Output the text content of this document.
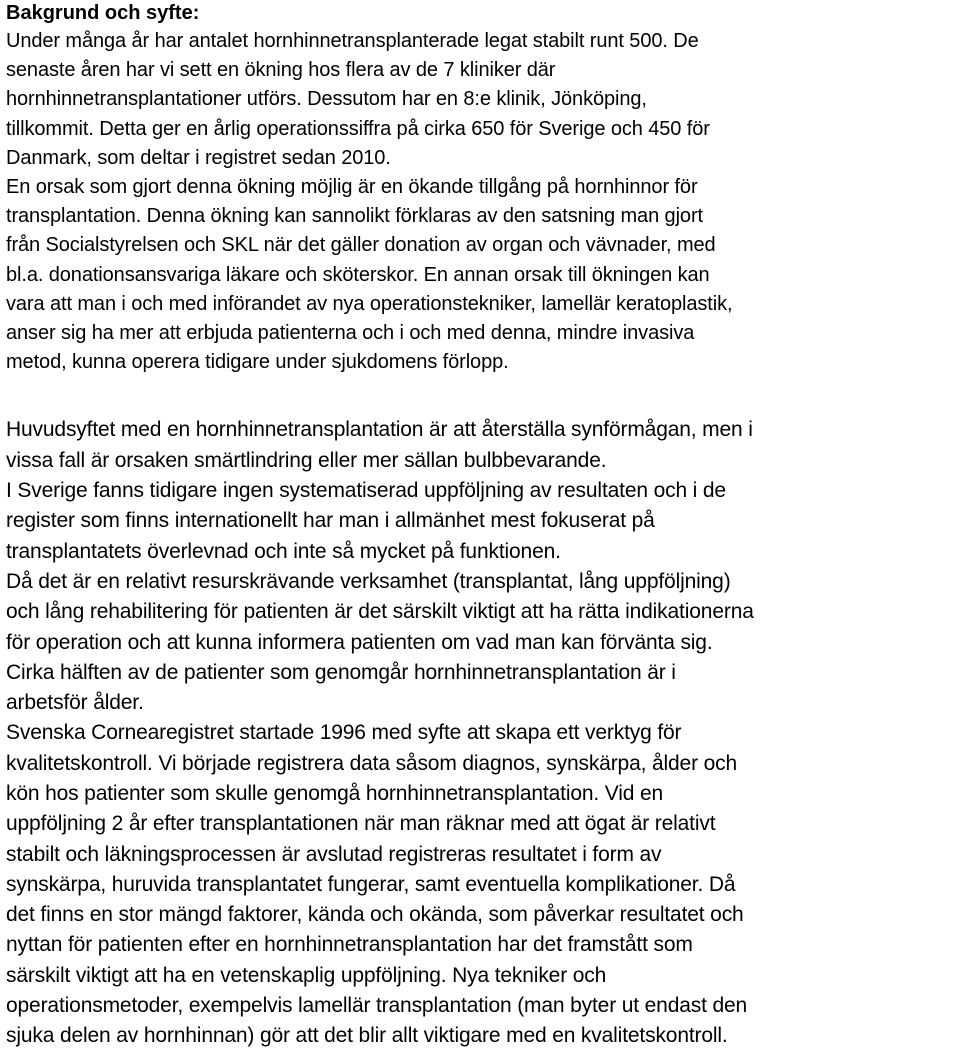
Bakgrund och syfte:

Under många år har antalet hornhinnetransplanterade legat stabilt runt 500. De
senaste åren har vi sett en ökning hos flera av de 7 kliniker där
hornhinnetransplantationer utförs. Dessutom har en 8:e klinik, Jönköping,
tillkommit. Detta ger en årlig operationssiffra på cirka 650 för Sverige och 450 för
Danmark, som deltar i registret sedan 2010.
En orsak som gjort denna ökning möjlig är en ökande tillgång på hornhinnor för
transplantation. Denna ökning kan sannolikt förklaras av den satsning man gjort
från Socialstyrelsen och SKL när det gäller donation av organ och vävnader, med
bl.a. donationsansvariga läkare och sköterskor. En annan orsak till ökningen kan
vara att man i och med införandet av nya operationstekniker, lamellär keratoplastik,
anser sig ha mer att erbjuda patienterna och i och med denna, mindre invasiva
metod, kunna operera tidigare under sjukdomens förlopp.

Huvudsyftet med en hornhinnetransplantation är att återställa synförmågan, men i
vissa fall är orsaken smärtlindring eller mer sällan bulbbevarande.
I Sverige fanns tidigare ingen systematiserad uppföljning av resultaten och i de
register som finns internationellt har man i allmänhet mest fokuserat på
transplantatets överlevnad och inte så mycket på funktionen.
Då det är en relativt resurskrävande verksamhet (transplantat, lång uppföljning)
och lång rehabilitering för patienten är det särskilt viktigt att ha rätta indikationerna
för operation och att kunna informera patienten om vad man kan förvänta sig.
Cirka hälften av de patienter som genomgår hornhinnetransplantation är i
arbetsför ålder.
Svenska Cornearegistret startade 1996 med syfte att skapa ett verktyg för
kvalitetskontroll. Vi började registrera data såsom diagnos, synskärpa, ålder och
kön hos patienter som skulle genomgå hornhinnetransplantation. Vid en
uppföljning 2 år efter transplantationen när man räknar med att ögat är relativt
stabilt och läkningsprocessen är avslutad registreras resultatet i form av
synskärpa, huruvida transplantatet fungerar, samt eventuella komplikationer. Då
det finns en stor mängd faktorer, kända och okända, som påverkar resultatet och
nyttan för patienten efter en hornhinnetransplantation har det framstått som
särskilt viktigt att ha en vetenskaplig uppföljning. Nya tekniker och
operationsmetoder, exempelvis lamellär transplantation (man byter ut endast den
sjuka delen av hornhinnan) gör att det blir allt viktigare med en kvalitetskontroll.
